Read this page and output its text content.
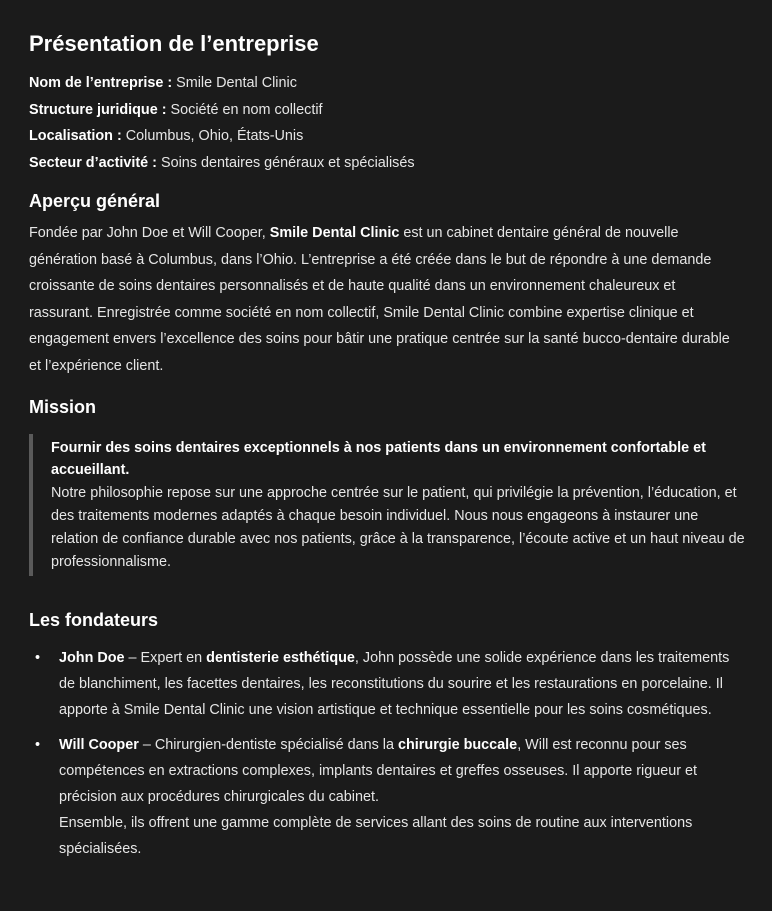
Présentation de l’entreprise
Nom de l’entreprise : Smile Dental Clinic
Structure juridique : Société en nom collectif
Localisation : Columbus, Ohio, États-Unis
Secteur d’activité : Soins dentaires généraux et spécialisés
Aperçu général

Fondée par John Doe et Will Cooper, Smile Dental Clinic est un cabinet dentaire général de nouvelle génération basé à Columbus, dans l’Ohio. L’entreprise a été créée dans le but de répondre à une demande croissante de soins dentaires personnalisés et de haute qualité dans un environnement chaleureux et rassurant. Enregistrée comme société en nom collectif, Smile Dental Clinic combine expertise clinique et engagement envers l’excellence des soins pour bâtir une pratique centrée sur la santé bucco-dentaire durable et l’expérience client.

Mission
Fournir des soins dentaires exceptionnels à nos patients dans un environnement confortable et accueillant.
Notre philosophie repose sur une approche centrée sur le patient, qui privilégie la prévention, l’éducation, et des traitements modernes adaptés à chaque besoin individuel. Nous nous engageons à instaurer une relation de confiance durable avec nos patients, grâce à la transparence, l’écoute active et un haut niveau de professionnalisme.
Les fondateurs
• John Doe – Expert en dentisterie esthétique, John possède une solide expérience dans les traitements de blanchiment, les facettes dentaires, les reconstitutions du sourire et les restaurations en porcelaine. Il apporte à Smile Dental Clinic une vision artistique et technique essentielle pour les soins cosmétiques.
• Will Cooper – Chirurgien-dentiste spécialisé dans la chirurgie buccale, Will est reconnu pour ses compétences en extractions complexes, implants dentaires et greffes osseuses. Il apporte rigueur et précision aux procédures chirurgicales du cabinet.
Ensemble, ils offrent une gamme complète de services allant des soins de routine aux interventions spécialisées.
